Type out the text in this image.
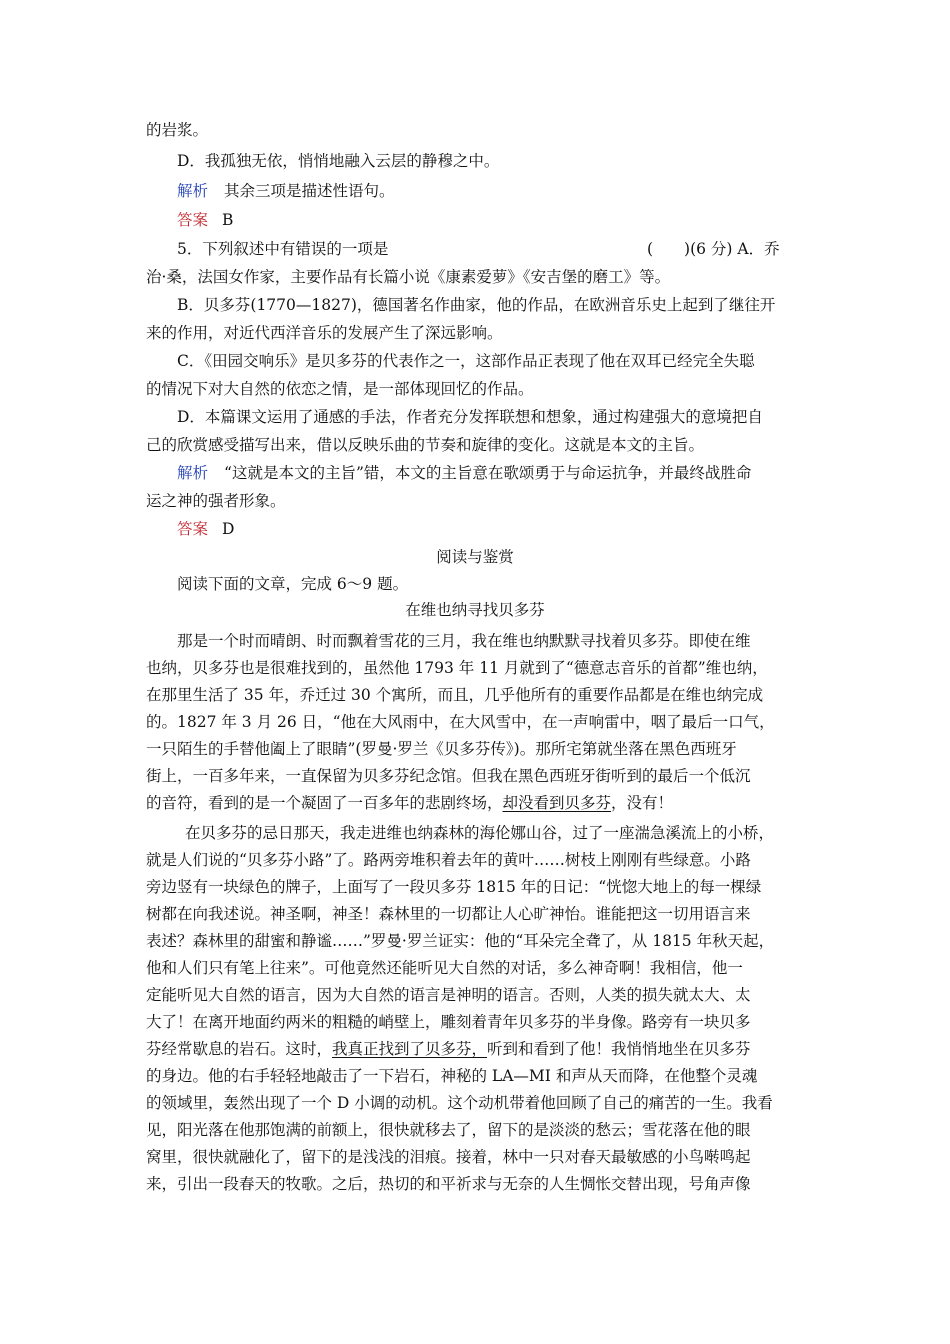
的岩浆。
D．我孤独无依，悄悄地融入云层的静穆之中。
解析 其余三项是描述性语句。
答案 B
5．下列叙述中有错误的一项是	(　　)(6 分) A．乔
治·桑，法国女作家，主要作品有长篇小说《康素爱萝》《安吉堡的磨工》等。
B．贝多芬(1770—1827)，德国著名作曲家，他的作品，在欧洲音乐史上起到了继往开
来的作用，对近代西洋音乐的发展产生了深远影响。
C．《田园交响乐》是贝多芬的代表作之一，这部作品正表现了他在双耳已经完全失聪
的情况下对大自然的依恋之情，是一部体现回忆的作品。
D．本篇课文运用了通感的手法，作者充分发挥联想和想象，通过构建强大的意境把自
己的欣赏感受描写出来，借以反映乐曲的节奏和旋律的变化。这就是本文的主旨。
解析 “这就是本文的主旨”错，本文的主旨意在歌颂勇于与命运抗争，并最终战胜命
运之神的强者形象。
答案 D
阅读与鉴赏
阅读下面的文章，完成 6～9 题。
在维也纳寻找贝多芬
那是一个时而晴朗、时而飘着雪花的三月，我在维也纳默默寻找着贝多芬。即使在维
也纳，贝多芬也是很难找到的，虽然他 1793 年 11 月就到了“德意志音乐的首都”维也纳，
在那里生活了 35 年，乔迁过 30 个寓所，而且，几乎他所有的重要作品都是在维也纳完成
的。1827 年 3 月 26 日，“他在大风雨中，在大风雪中，在一声响雷中，咽了最后一口气，
一只陌生的手替他阖上了眼睛”(罗曼·罗兰《贝多芬传》)。那所宅第就坐落在黑色西班牙
街上，一百多年来，一直保留为贝多芬纪念馆。但我在黑色西班牙街听到的最后一个低沉
的音符，看到的是一个凝固了一百多年的悲剧终场，却没看到贝多芬，没有！
在贝多芬的忌日那天，我走进维也纳森林的海伦娜山谷，过了一座湍急溪流上的小桥，
就是人们说的“贝多芬小路”了。路两旁堆积着去年的黄叶……树枝上刚刚有些绿意。小路
旁边竖有一块绿色的牌子，上面写了一段贝多芬 1815 年的日记：“恍惚大地上的每一棵绿
树都在向我述说。神圣啊，神圣！森林里的一切都让人心旷神怡。谁能把这一切用语言来
表述？森林里的甜蜜和静谧……”罗曼·罗兰证实：他的“耳朵完全聋了，从 1815 年秋天起，
他和人们只有笔上往来”。可他竟然还能听见大自然的对话，多么神奇啊！我相信，他一
定能听见大自然的语言，因为大自然的语言是神明的语言。否则，人类的损失就太大、太
大了！在离开地面约两米的粗糙的峭壁上，雕刻着青年贝多芬的半身像。路旁有一块贝多
芬经常歇息的岩石。这时，我真正找到了贝多芬，听到和看到了他！我悄悄地坐在贝多芬
的身边。他的右手轻轻地敲击了一下岩石，神秘的 LA—MI 和声从天而降，在他整个灵魂
的领域里，轰然出现了一个 D 小调的动机。这个动机带着他回顾了自己的痛苦的一生。我看
见，阳光落在他那饱满的前额上，很快就移去了，留下的是淡淡的愁云；雪花落在他的眼
窝里，很快就融化了，留下的是浅浅的泪痕。接着，林中一只对春天最敏感的小鸟啭鸣起
来，引出一段春天的牧歌。之后，热切的和平祈求与无奈的人生惆怅交替出现，号角声像
